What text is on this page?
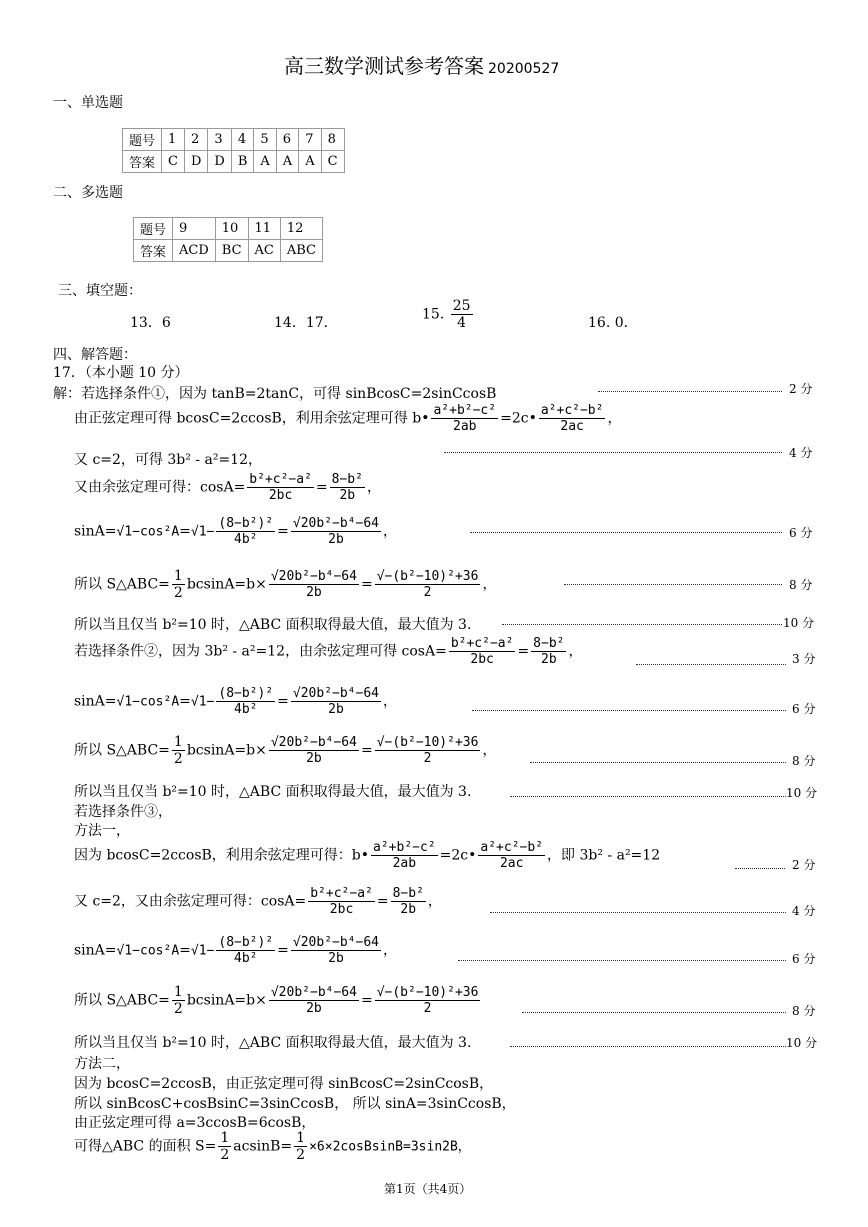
高三数学测试参考答案 20200527
一、单选题
题号	1	2	3	4	5	6	7	8
答案	C	D	D	B	A	A	A	C
二、多选题
题号	9	10	11	12
答案	ACD	BC	AC	ABC
三、填空题：
13．6	14．17．
15. $\frac{25}{4}$	16. 0．
四、解答题：
17．（本小题 10 分）
解：若选择条件①，因为 tanB=2tanC，可得 sinBcosC=2sinCcosB	2 分
由正弦定理可得 bcosC=2ccosB，利用余弦定理可得 b• $\frac{\text{a²+b²−c²}}{2ab}$ =2c• $\frac{\text{a²+c²−b²}}{2ac}$ ，
又 c=2，可得 3b² - a²=12，	4 分
又由余弦定理可得：$\cos A= \frac{\text{b²+c²−a²}}{2bc} = \frac{\text{8−b²}}{2b}$ ，
$\sin A=√1-\cos^2A=√1- \frac{\text{(8−b²)²}}{\text{4b²}} = \frac{\text{√20b²−b⁴−64}}{2b}$ ，	6 分
所以 S△ABC= $\frac{1}{2} bcsinA=b\times \frac{\text{√20b²−b⁴−64}}{2b} = \frac{\text{√−(b²−10)²+36}}{2}$ ，	8 分
所以当且仅当 b²=10 时，△ABC 面积取得最大值，最大值为 3.	10 分
若选择条件②，因为 3b² - a²=12，由余弦定理可得 $\cos A= \frac{\text{b²+c²−a²}}{2bc} = \frac{\text{8−b²}}{2b}$ ，	3 分
$\sin A=√1-\cos^2A=√1- \frac{\text{(8−b²)²}}{\text{4b²}} = \frac{\text{√20b²−b⁴−64}}{2b}$ ，	6 分
所以 S△ABC= $\frac{1}{2} bcsinA=b\times \frac{\text{√20b²−b⁴−64}}{2b} = \frac{\text{√−(b²−10)²+36}}{2}$ ，
8 分
所以当且仅当 b²=10 时，△ABC 面积取得最大值，最大值为 3.	10 分
若选择条件③，
方法一，
因为 bcosC=2ccosB，利用余弦定理可得：b• $\frac{\text{a²+b²−c²}}{2ab}$ =2c• $\frac{\text{a²+c²−b²}}{2ac}$ ，即 3b² - a²=12
2 分
又 c=2，又由余弦定理可得：$\cos A= \frac{\text{b²+c²−a²}}{2bc} = \frac{\text{8−b²}}{2b}$ ，
4 分
$\sin A=√1-\cos^2A=√1- \frac{\text{(8−b²)²}}{\text{4b²}} = \frac{\text{√20b²−b⁴−64}}{2b}$ ，
6 分
所以 S△ABC= $\frac{1}{2} bcsinA=b\times \frac{\text{√20b²−b⁴−64}}{2b} = \frac{\text{√−(b²−10)²+36}}{2}$	8 分
所以当且仅当 b²=10 时，△ABC 面积取得最大值，最大值为 3.	10 分
方法二，
因为 bcosC=2ccosB，由正弦定理可得 sinBcosC=2sinCcosB，
所以 sinBcosC+cosBsinC=3sinCcosB， 所以 sinA=3sinCcosB，
由正弦定理可得 a=3ccosB=6cosB，
可得△ABC 的面积 $S= \frac{1}{2} acsinB= \frac{1}{2}$ ×6×2cosBsinB=3sin2B，
第1页（共4页）
